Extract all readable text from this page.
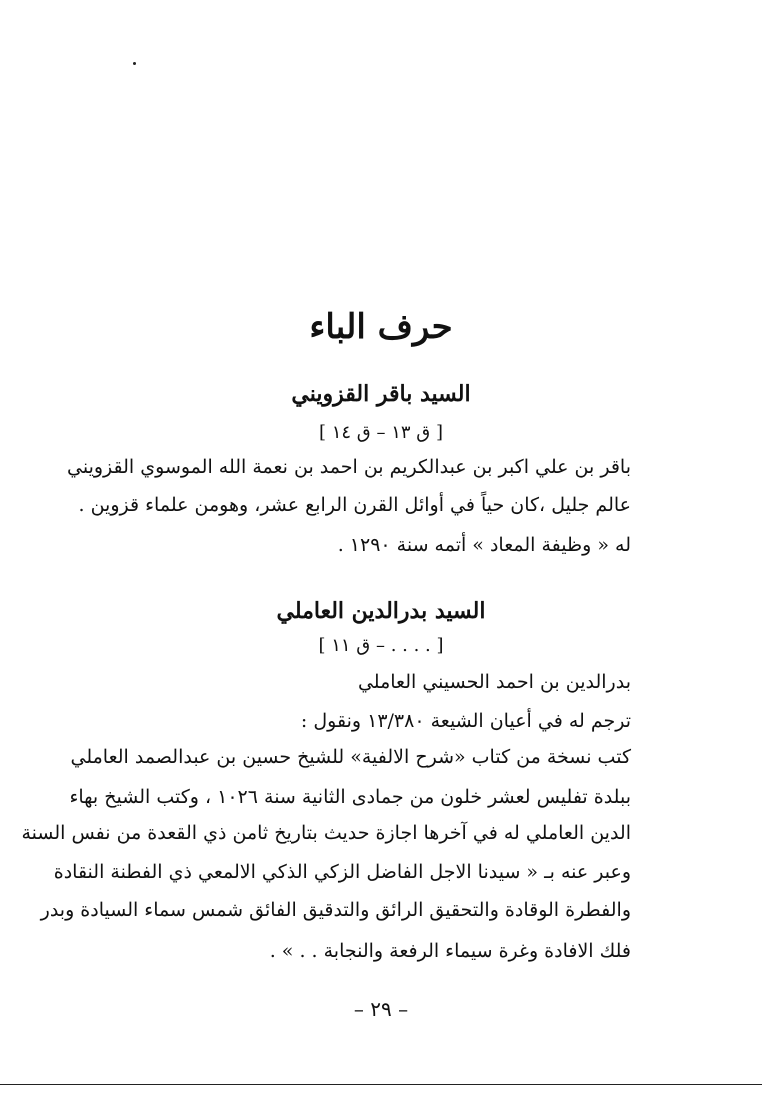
حرف الباء
السيد باقر القزويني
[ ق ١٣ – ق ١٤ ]
باقر بن علي اكبر بن عبدالكريم بن احمد بن نعمة الله الموسوي القزويني
عالم جليل ،كان حياً في أوائل القرن الرابع عشر، وهومن علماء قزوين .
له « وظيفة المعاد » أتمه سنة ١٢٩٠ .
السيد بدرالدين العاملي
[ . . . . – ق ١١ ]
بدرالدين بن احمد الحسيني العاملي
ترجم له في أعيان الشيعة ١٣/٣٨٠ ونقول :
كتب نسخة من كتاب «شرح الالفية» للشيخ حسين بن عبدالصمد العاملي
ببلدة تفليس لعشر خلون من جمادى الثانية سنة ١٠٢٦ ، وكتب الشيخ بهاء
الدين العاملي له في آخرها اجازة حديث بتاريخ ثامن ذي القعدة من نفس السنة
وعبر عنه بـ « سيدنا الاجل الفاضل الزكي الذكي الالمعي ذي الفطنة النقادة
والفطرة الوقادة والتحقيق الرائق والتدقيق الفائق شمس سماء السيادة وبدر
فلك الافادة وغرة سيماء الرفعة والنجابة . . » .
– ٢٩ –
